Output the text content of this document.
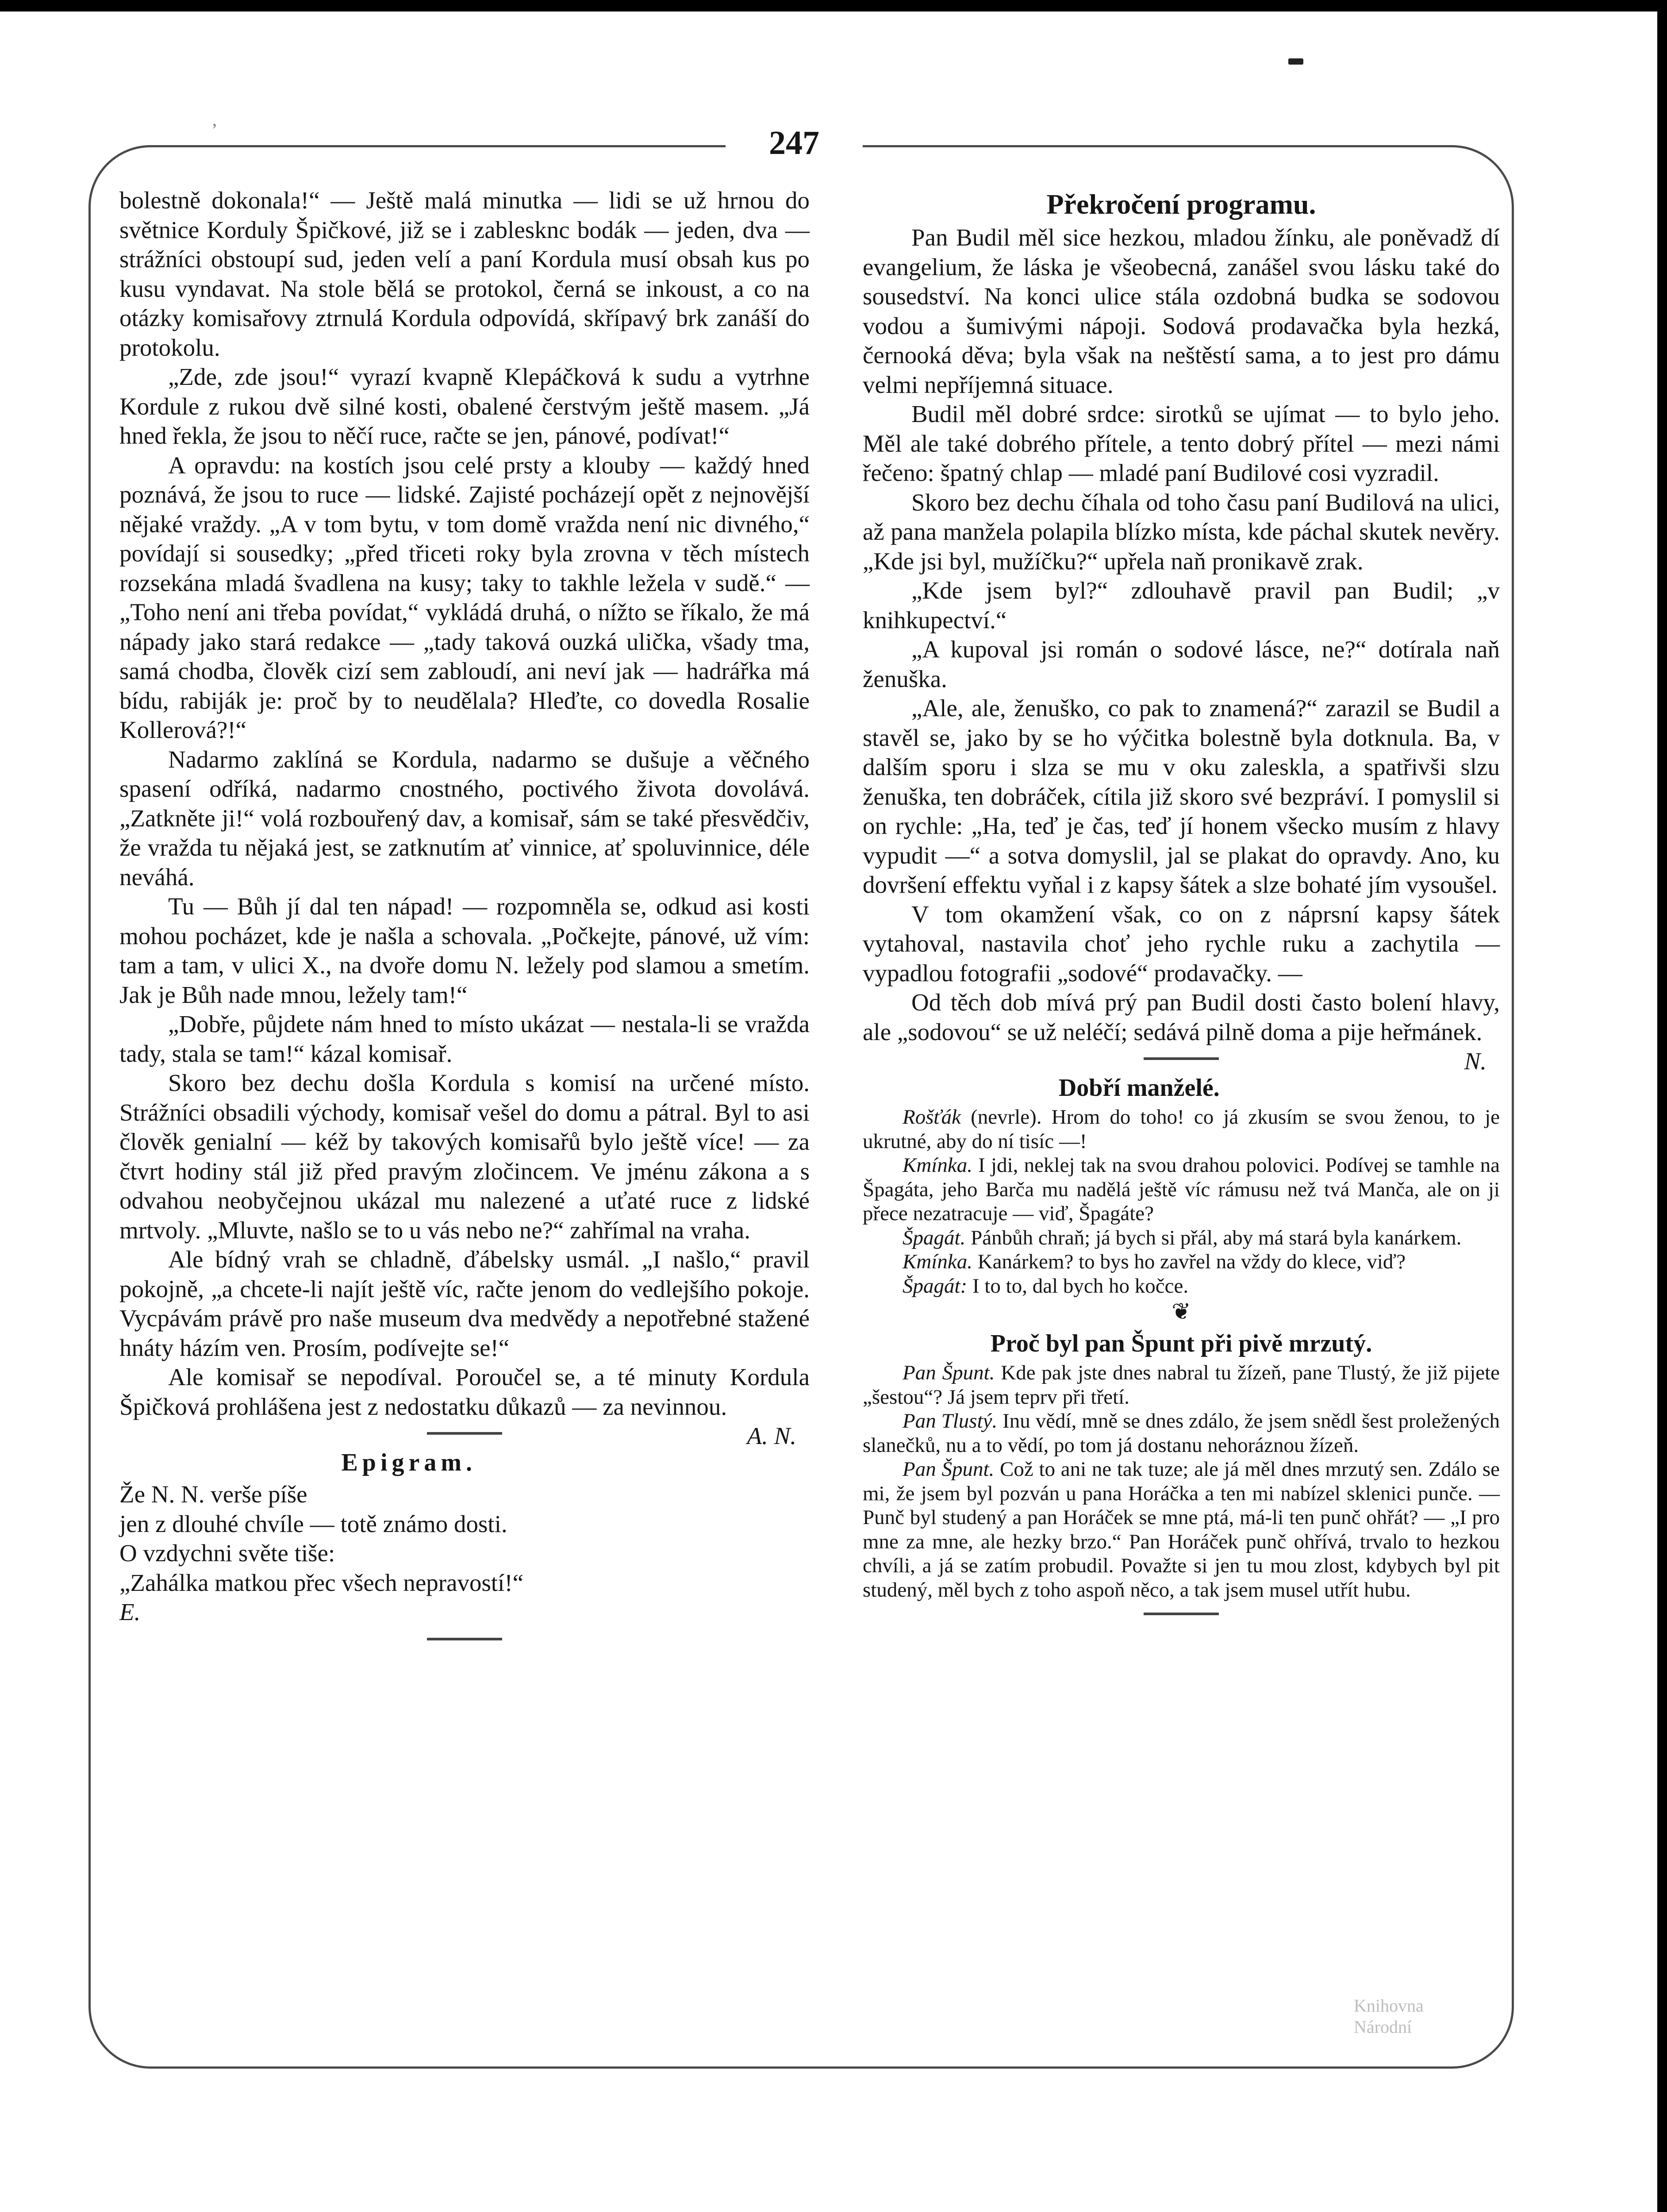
ʼ	247

bolestně dokonala!“ — Ještě malá minutka — lidi se už hrnou do světnice Korduly Špičkové, již se i zablesknc bodák — jeden, dva — strážníci obstoupí sud, jeden velí a paní Kordula musí obsah kus po kusu vyndavat. Na stole bělá se protokol, černá se inkoust, a co na otázky komisařovy ztrnulá Kordula odpovídá, skřípavý brk zanáší do protokolu.

„Zde, zde jsou!“ vyrazí kvapně Klepáčková k sudu a vytrhne Kordule z rukou dvě silné kosti, obalené čerstvým ještě masem. „Já hned řekla, že jsou to něčí ruce, račte se jen, pánové, podívat!“

A opravdu: na kostích jsou celé prsty a klouby — každý hned poznává, že jsou to ruce — lidské. Zajisté pocházejí opět z nejnovější nějaké vraždy. „A v tom bytu, v tom domě vražda není nic divného,“ povídají si sousedky; „před třiceti roky byla zrovna v těch místech rozsekána mladá švadlena na kusy; taky to takhle ležela v sudě.“ — „Toho není ani třeba povídat,“ vykládá druhá, o nížto se říkalo, že má nápady jako stará redakce — „tady taková ouzká ulička, všady tma, samá chodba, člověk cizí sem zabloudí, ani neví jak — hadrářka má bídu, rabiják je: proč by to neudělala? Hleďte, co dovedla Rosalie Kollerová?!“

Nadarmo zaklíná se Kordula, nadarmo se dušuje a věčného spasení odříká, nadarmo cnostného, poctivého života dovolává. „Zatkněte ji!“ volá rozbouřený dav, a komisař, sám se také přesvědčiv, že vražda tu nějaká jest, se zatknutím ať vinnice, ať spoluvinnice, déle neváhá.

Tu — Bůh jí dal ten nápad! — rozpomněla se, odkud asi kosti mohou pocházet, kde je našla a schovala. „Počkejte, pánové, už vím: tam a tam, v ulici X., na dvoře domu N. ležely pod slamou a smetím. Jak je Bůh nade mnou, ležely tam!“

„Dobře, půjdete nám hned to místo ukázat — nestala-li se vražda tady, stala se tam!“ kázal komisař.

Skoro bez dechu došla Kordula s komisí na určené místo. Strážníci obsadili východy, komisař vešel do domu a pátral. Byl to asi člověk genialní — kéž by takových komisařů bylo ještě více! — za čtvrt hodiny stál již před pravým zločincem. Ve jménu zákona a s odvahou neobyčejnou ukázal mu nalezené a uťaté ruce z lidské mrtvoly. „Mluvte, našlo se to u vás nebo ne?“ zahřímal na vraha.

Ale bídný vrah se chladně, ďábelsky usmál. „I našlo,“ pravil pokojně, „a chcete-li najít ještě víc, račte jenom do vedlejšího pokoje. Vycpávám právě pro naše museum dva medvědy a nepotřebné stažené hnáty házím ven. Prosím, podívejte se!“

Ale komisař se nepodíval. Poroučel se, a té minuty Kordula Špičková prohlášena jest z nedostatku důkazů — za nevinnou.
A. N.

Epigram.

Že N. N. verše píše

jen z dlouhé chvíle — totě známo dosti.

O vzdychni světe tiše:

„Zahálka matkou přec všech nepravostí!“

E.

Překročení programu.

Pan Budil měl sice hezkou, mladou žínku, ale poněvadž dí evangelium, že láska je všeobecná, zanášel svou lásku také do sousedství. Na konci ulice stála ozdobná budka se sodovou vodou a šumivými nápoji. Sodová prodavačka byla hezká, černooká děva; byla však na neštěstí sama, a to jest pro dámu velmi nepříjemná situace.

Budil měl dobré srdce: sirotků se ujímat — to bylo jeho. Měl ale také dobrého přítele, a tento dobrý přítel — mezi námi řečeno: špatný chlap — mladé paní Budilové cosi vyzradil.

Skoro bez dechu číhala od toho času paní Budilová na ulici, až pana manžela polapila blízko místa, kde páchal skutek nevěry. „Kde jsi byl, mužíčku?“ upřela naň pronikavě zrak.

„Kde jsem byl?“ zdlouhavě pravil pan Budil; „v knihkupectví.“

„A kupoval jsi román o sodové lásce, ne?“ dotírala naň ženuška.

„Ale, ale, ženuško, co pak to znamená?“ zarazil se Budil a stavěl se, jako by se ho výčitka bolestně byla dotknula. Ba, v dalším sporu i slza se mu v oku zaleskla, a spatřivši slzu ženuška, ten dobráček, cítila již skoro své bezpráví. I pomyslil si on rychle: „Ha, teď je čas, teď jí honem všecko musím z hlavy vypudit —“ a sotva domyslil, jal se plakat do opravdy. Ano, ku dovršení effektu vyňal i z kapsy šátek a slze bohaté jím vysoušel.

V tom okamžení však, co on z náprsní kapsy šátek vytahoval, nastavila choť jeho rychle ruku a zachytila — vypadlou fotografii „sodové“ prodavačky. —

Od těch dob mívá prý pan Budil dosti často bolení hlavy, ale „sodovou“ se už neléčí; sedává pilně doma a pije heřmánek.
N.

Dobří manželé.

Rošťák (nevrle). Hrom do toho! co já zkusím se svou ženou, to je ukrutné, aby do ní tisíc —!

Kmínka. I jdi, neklej tak na svou drahou polovici. Podívej se tamhle na Špagáta, jeho Barča mu nadělá ještě víc rámusu než tvá Manča, ale on ji přece nezatracuje — viď, Špagáte?

Špagát. Pánbůh chraň; já bych si přál, aby má stará byla kanárkem.

Kmínka. Kanárkem? to bys ho zavřel na vždy do klece, viď?

Špagát: I to to, dal bych ho kočce.

❦
Proč byl pan Špunt při pivě mrzutý.

Pan Špunt. Kde pak jste dnes nabral tu žízeň, pane Tlustý, že již pijete „šestou“? Já jsem teprv při třetí.

Pan Tlustý. Inu vědí, mně se dnes zdálo, že jsem snědl šest proležených slanečků, nu a to vědí, po tom já dostanu nehoráznou žízeň.

Pan Špunt. Což to ani ne tak tuze; ale já měl dnes mrzutý sen. Zdálo se mi, že jsem byl pozván u pana Horáčka a ten mi nabízel sklenici punče. — Punč byl studený a pan Horáček se mne ptá, má-li ten punč ohřát? — „I pro mne za mne, ale hezky brzo.“ Pan Horáček punč ohřívá, trvalo to hezkou chvíli, a já se zatím probudil. Považte si jen tu mou zlost, kdybych byl pit studený, měl bych z toho aspoň něco, a tak jsem musel utřít hubu.

Knihovna
Národní
